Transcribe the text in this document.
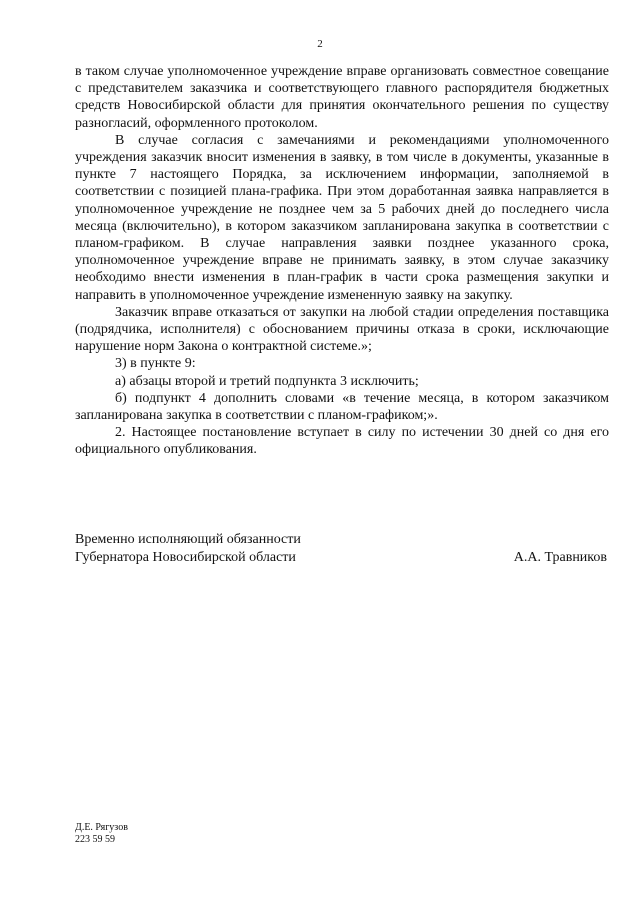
2

в таком случае уполномоченное учреждение вправе организовать совместное совещание с представителем заказчика и соответствующего главного распорядителя бюджетных средств Новосибирской области для принятия окончательного решения по существу разногласий, оформленного протоколом.

В случае согласия с замечаниями и рекомендациями уполномоченного учреждения заказчик вносит изменения в заявку, в том числе в документы, указанные в пункте 7 настоящего Порядка, за исключением информации, заполняемой в соответствии с позицией плана-графика. При этом доработанная заявка направляется в уполномоченное учреждение не позднее чем за 5 рабочих дней до последнего числа месяца (включительно), в котором заказчиком запланирована закупка в соответствии с планом-графиком. В случае направления заявки позднее указанного срока, уполномоченное учреждение вправе не принимать заявку, в этом случае заказчику необходимо внести изменения в план-график в части срока размещения закупки и направить в уполномоченное учреждение измененную заявку на закупку.

Заказчик вправе отказаться от закупки на любой стадии определения поставщика (подрядчика, исполнителя) с обоснованием причины отказа в сроки, исключающие нарушение норм Закона о контрактной системе.»;

3) в пункте 9:

а) абзацы второй и третий подпункта 3 исключить;

б) подпункт 4 дополнить словами «в течение месяца, в котором заказчиком запланирована закупка в соответствии с планом-графиком;».

2. Настоящее постановление вступает в силу по истечении 30 дней со дня его официального опубликования.

Временно исполняющий обязанности
Губернатора Новосибирской области	А.А. Травников
Д.Е. Рягузов
223 59 59
